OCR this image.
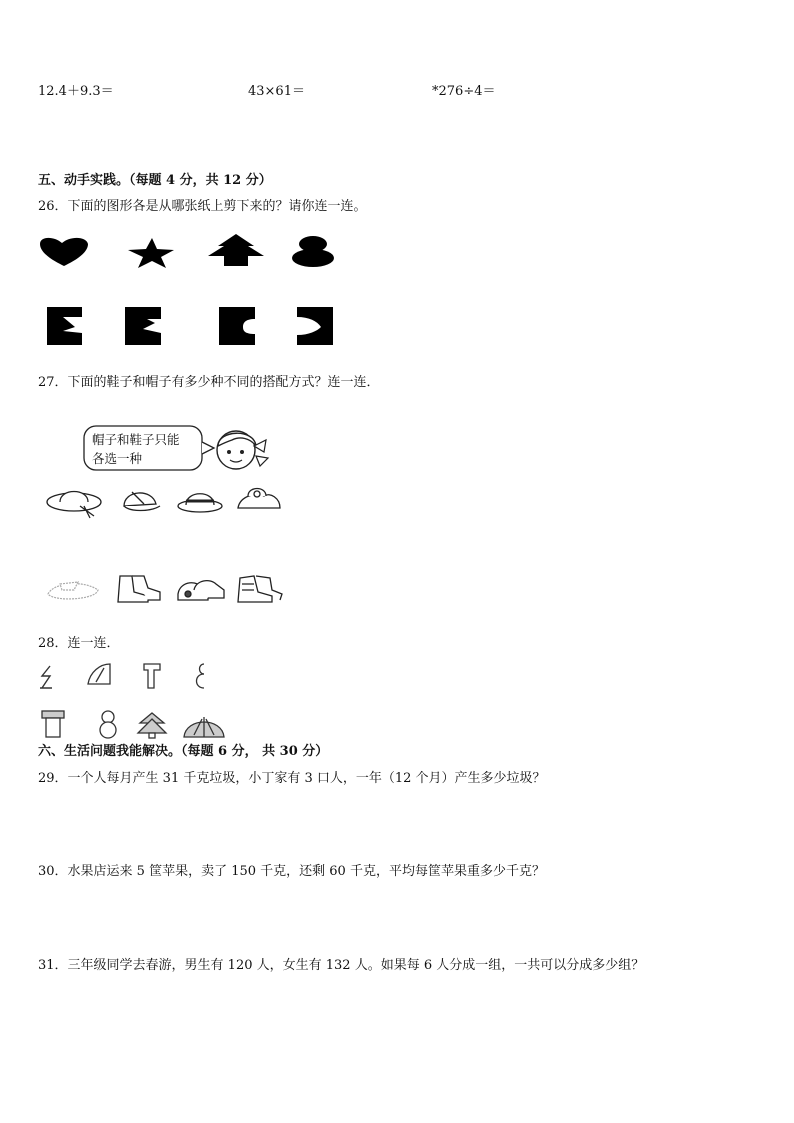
12.4＋9.3＝	43×61＝	*276÷4＝
五、动手实践。（每题 4 分，共 12 分）
26．下面的图形各是从哪张纸上剪下来的？请你连一连。
27．下面的鞋子和帽子有多少种不同的搭配方式？连一连．
帽子和鞋子只能
各选一种
28．连一连．
六、生活问题我能解决。（每题 6 分， 共 30 分）
29．一个人每月产生 31 千克垃圾，小丁家有 3 口人，一年（12 个月）产生多少垃圾？
30．水果店运来 5 筐苹果，卖了 150 千克，还剩 60 千克，平均每筐苹果重多少千克？
31．三年级同学去春游，男生有 120 人，女生有 132 人。如果每 6 人分成一组，一共可以分成多少组？
